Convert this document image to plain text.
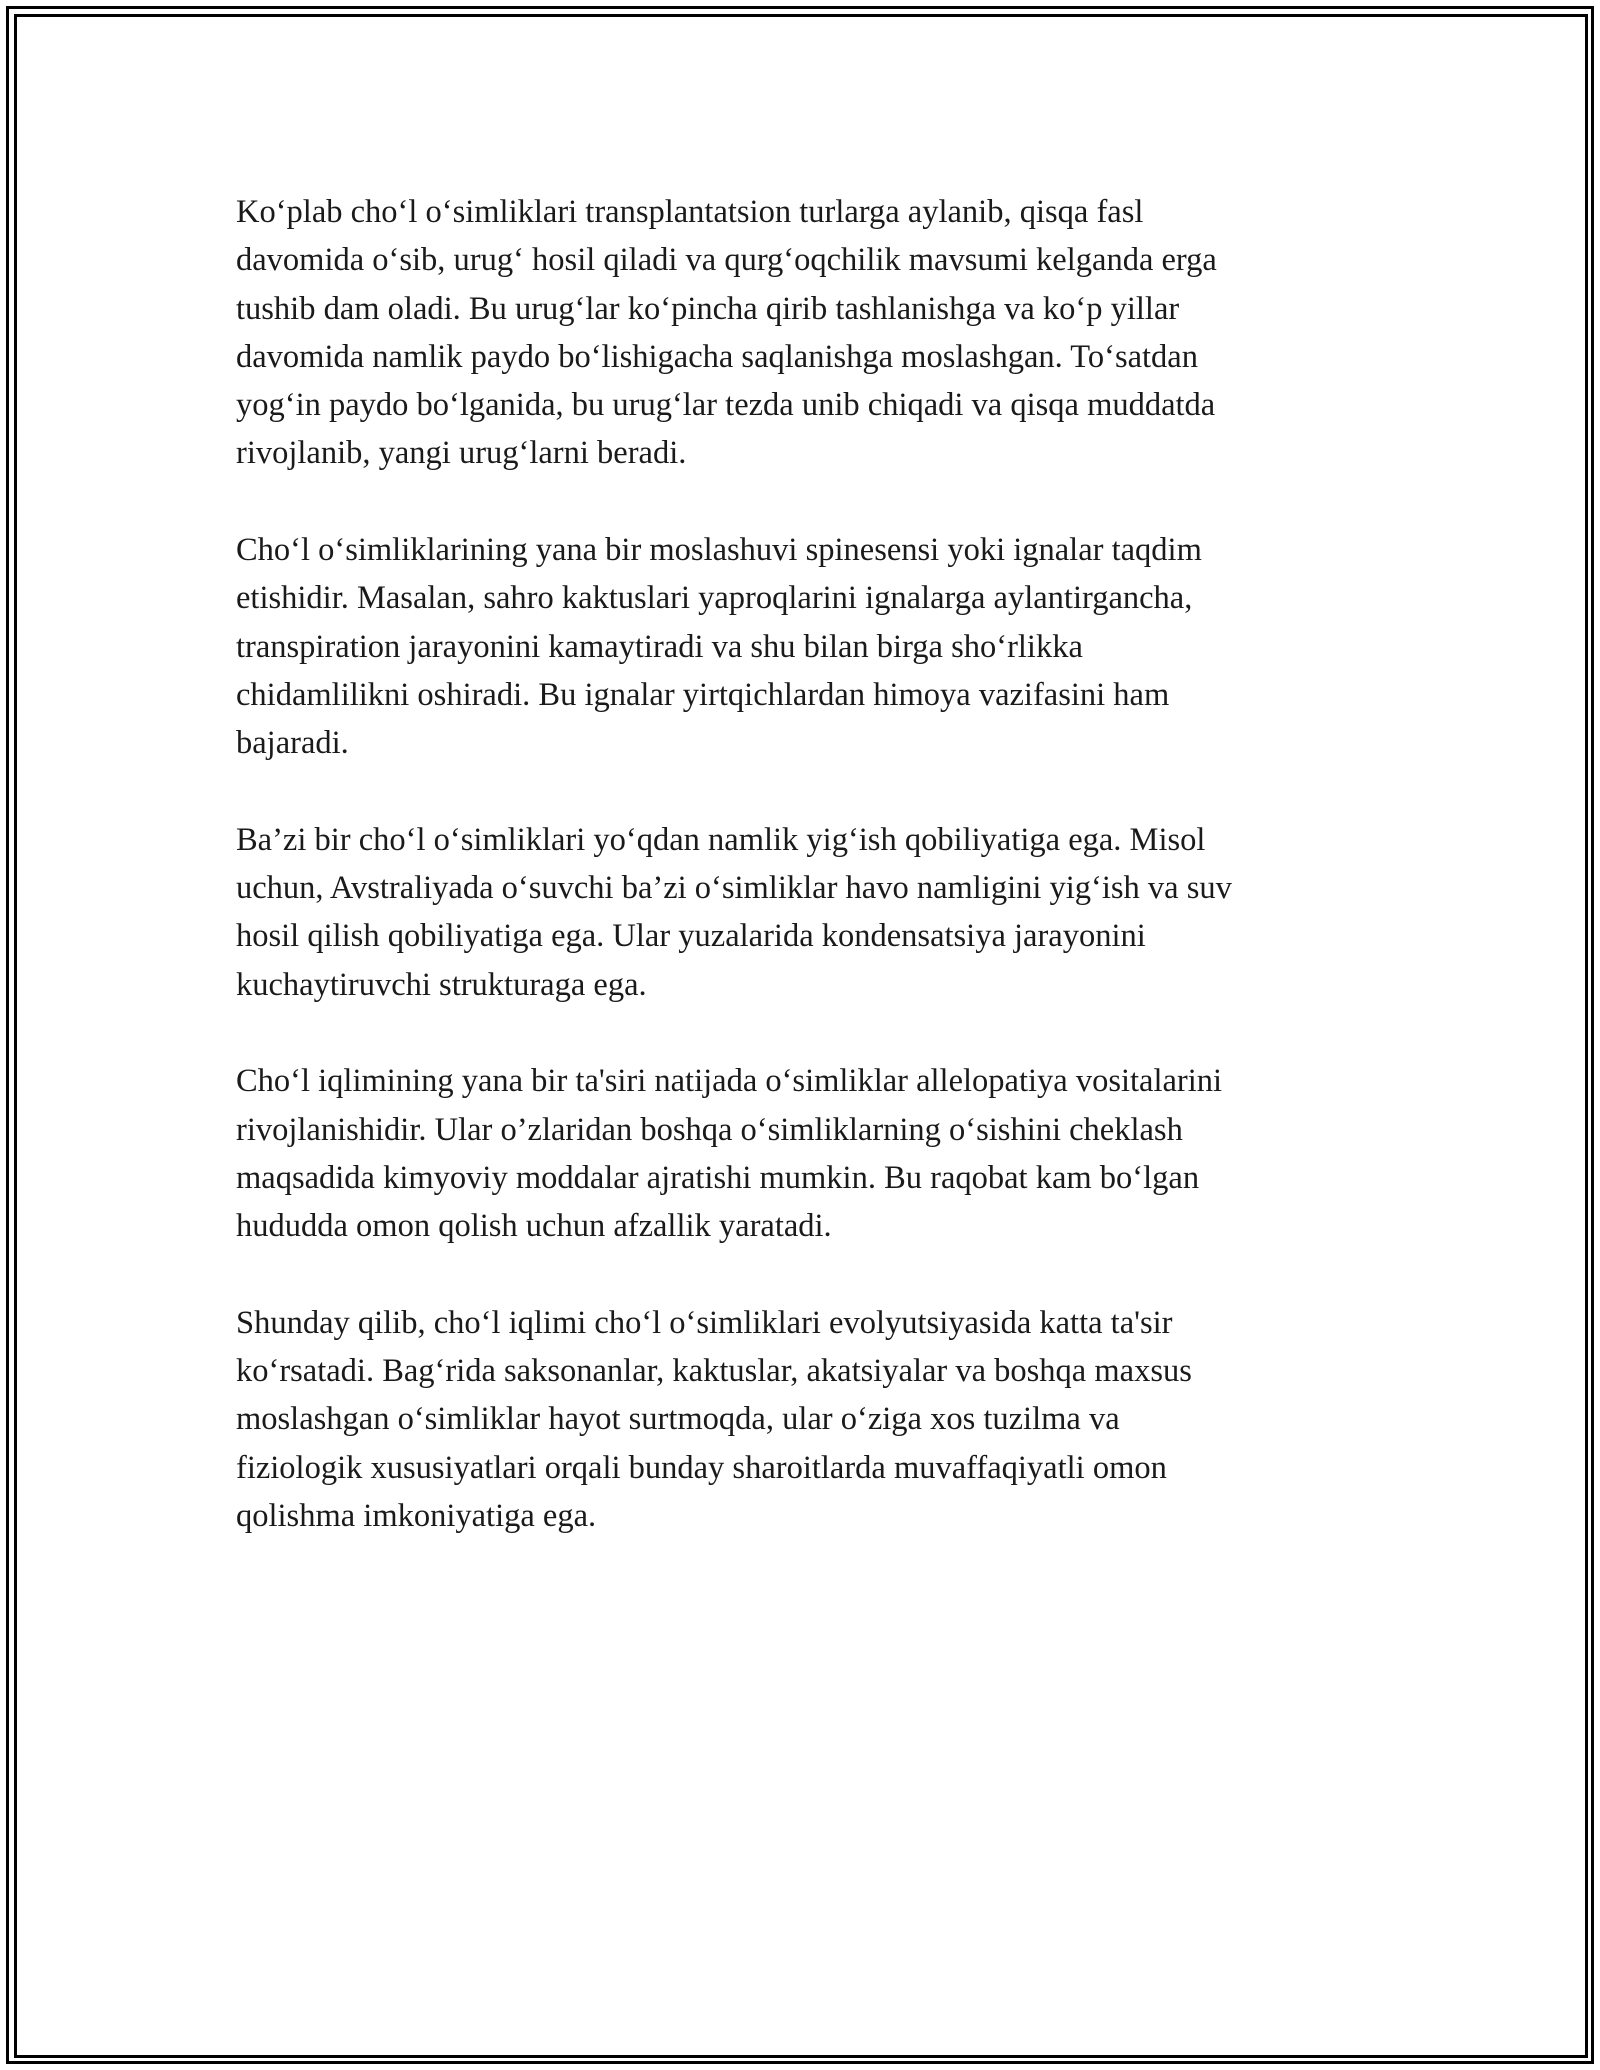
Ko‘plab cho‘l o‘simliklari transplantatsion turlarga aylanib, qisqa fasl
davomida o‘sib, urug‘ hosil qiladi va qurg‘oqchilik mavsumi kelganda erga
tushib dam oladi. Bu urug‘lar ko‘pincha qirib tashlanishga va ko‘p yillar
davomida namlik paydo bo‘lishigacha saqlanishga moslashgan. To‘satdan
yog‘in paydo bo‘lganida, bu urug‘lar tezda unib chiqadi va qisqa muddatda
rivojlanib, yangi urug‘larni beradi.

Cho‘l o‘simliklarining yana bir moslashuvi spinesensi yoki ignalar taqdim
etishidir. Masalan, sahro kaktuslari yaproqlarini ignalarga aylantirgancha,
transpiration jarayonini kamaytiradi va shu bilan birga sho‘rlikka
chidamlilikni oshiradi. Bu ignalar yirtqichlardan himoya vazifasini ham
bajaradi.

Ba’zi bir cho‘l o‘simliklari yo‘qdan namlik yig‘ish qobiliyatiga ega. Misol
uchun, Avstraliyada o‘suvchi ba’zi o‘simliklar havo namligini yig‘ish va suv
hosil qilish qobiliyatiga ega. Ular yuzalarida kondensatsiya jarayonini
kuchaytiruvchi strukturaga ega.

Cho‘l iqlimining yana bir ta'siri natijada o‘simliklar allelopatiya vositalarini
rivojlanishidir. Ular o’zlaridan boshqa o‘simliklarning o‘sishini cheklash
maqsadida kimyoviy moddalar ajratishi mumkin. Bu raqobat kam bo‘lgan
hududda omon qolish uchun afzallik yaratadi.

Shunday qilib, cho‘l iqlimi cho‘l o‘simliklari evolyutsiyasida katta ta'sir
ko‘rsatadi. Bag‘rida saksonanlar, kaktuslar, akatsiyalar va boshqa maxsus
moslashgan o‘simliklar hayot surtmoqda, ular o‘ziga xos tuzilma va
fiziologik xususiyatlari orqali bunday sharoitlarda muvaffaqiyatli omon
qolishma imkoniyatiga ega.
